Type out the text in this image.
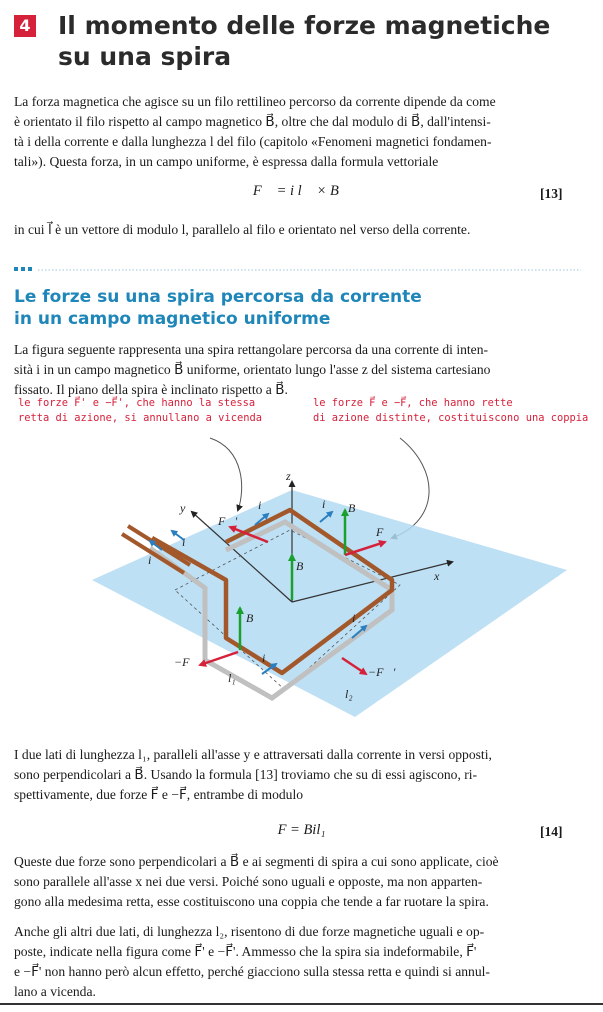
4 Il momento delle forze magnetiche
su una spira
La forza magnetica che agisce su un filo rettilineo percorso da corrente dipende da come
è orientato il filo rispetto al campo magnetico B⃗, oltre che dal modulo di B⃗, dall'intensi-
tà i della corrente e dalla lunghezza l del filo (capitolo «Fenomeni magnetici fondamen-
tali»). Questa forza, in un campo uniforme, è espressa dalla formula vettoriale
F⃗ = i l⃗ × B⃗	[13]
in cui l⃗ è un vettore di modulo l, parallelo al filo e orientato nel verso della corrente.
Le forze su una spira percorsa da corrente
in un campo magnetico uniforme
La figura seguente rappresenta una spira rettangolare percorsa da una corrente di inten-
sità i in un campo magnetico B⃗ uniforme, orientato lungo l'asse z del sistema cartesiano
fissato. Il piano della spira è inclinato rispetto a B⃗.
le forze F⃗' e −F⃗', che hanno la stessa
retta di azione, si annullano a vicenda
le forze F⃗ e −F⃗, che hanno rette
di azione distinte, costituiscono una coppia
z
y
x
i
i
i	i
i
i
B⃗
B⃗
B⃗
F⃗'
F⃗
−F⃗
−F⃗'
l₁
l₂
I due lati di lunghezza l₁, paralleli all'asse y e attraversati dalla corrente in versi opposti,
sono perpendicolari a B⃗. Usando la formula [13] troviamo che su di essi agiscono, ri-
spettivamente, due forze F⃗ e −F⃗, entrambe di modulo
F = Bil₁	[14]
Queste due forze sono perpendicolari a B⃗ e ai segmenti di spira a cui sono applicate, cioè
sono parallele all'asse x nei due versi. Poiché sono uguali e opposte, ma non apparten-
gono alla medesima retta, esse costituiscono una coppia che tende a far ruotare la spira.
Anche gli altri due lati, di lunghezza l₂, risentono di due forze magnetiche uguali e op-
poste, indicate nella figura come F⃗' e −F⃗'. Ammesso che la spira sia indeformabile, F⃗'
e −F⃗' non hanno però alcun effetto, perché giacciono sulla stessa retta e quindi si annul-
lano a vicenda.
